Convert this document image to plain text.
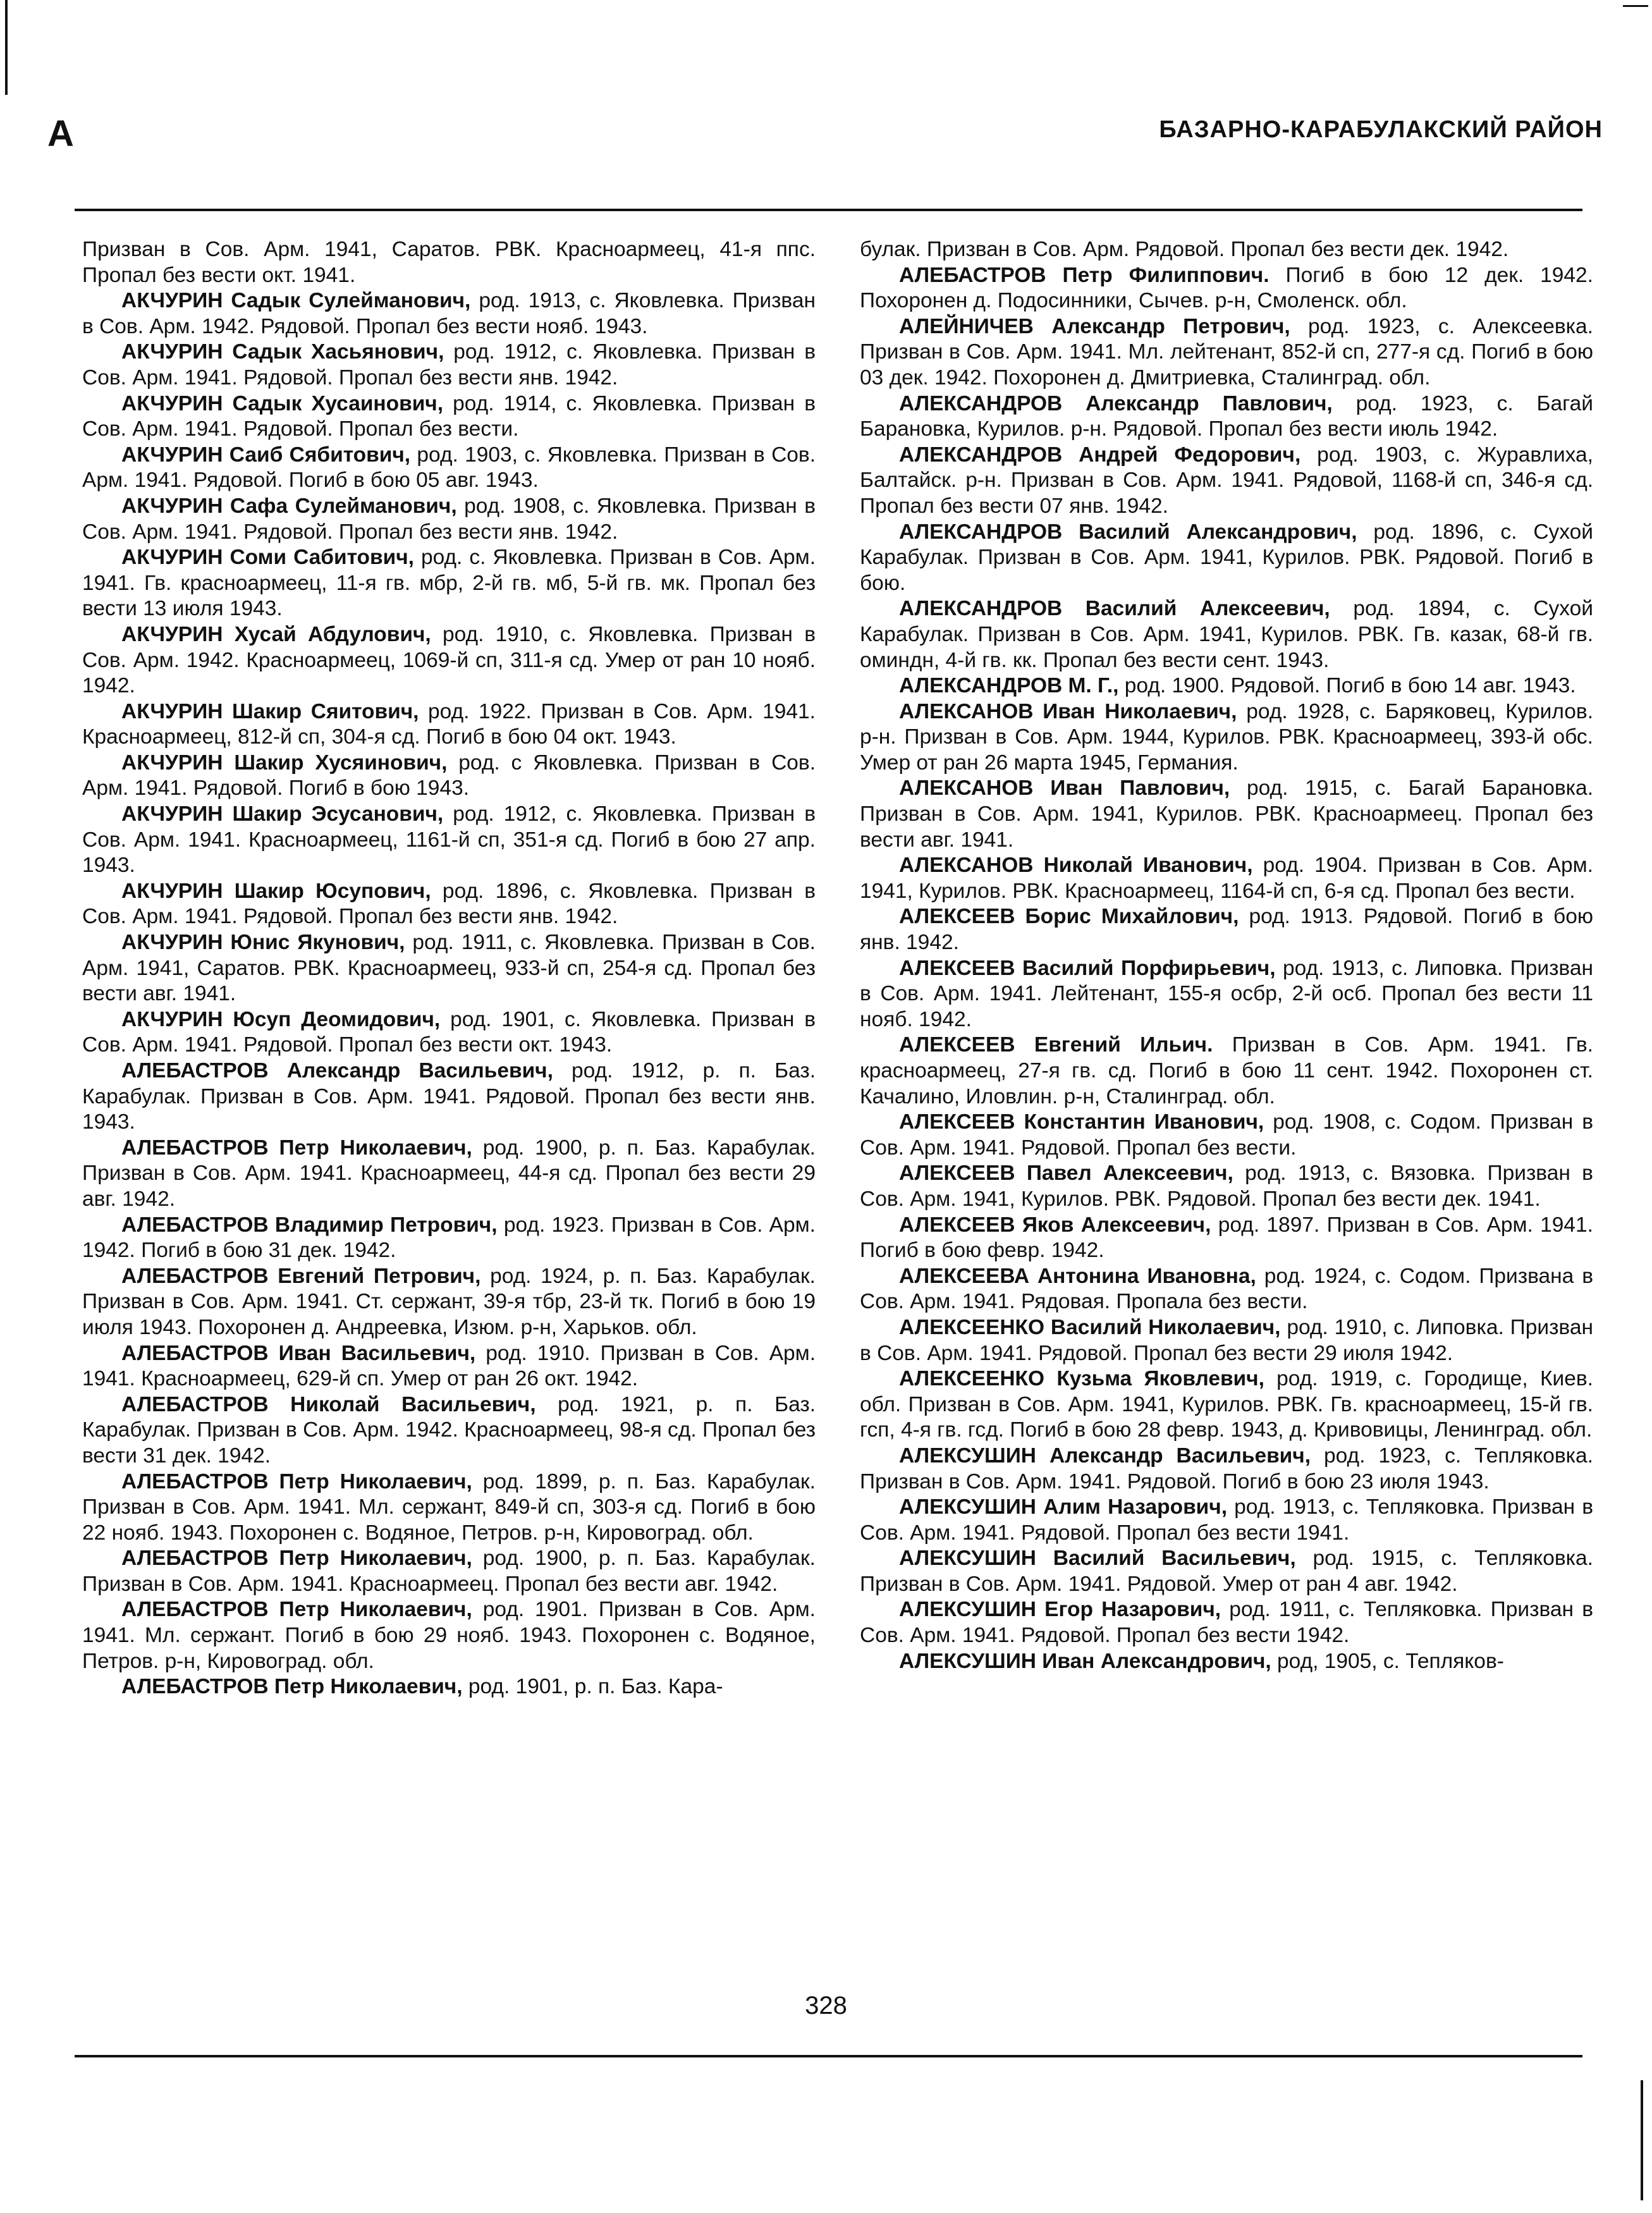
А	БАЗАРНО-КАРАБУЛАКСКИЙ РАЙОН

Призван в Сов. Арм. 1941, Саратов. РВК. Красноармеец, 41-я ппс. Пропал без вести окт. 1941.

АКЧУРИН Садык Сулейманович, род. 1913, с. Яковлевка. Призван в Сов. Арм. 1942. Рядовой. Пропал без вести нояб. 1943.

АКЧУРИН Садык Хасьянович, род. 1912, с. Яковлевка. Призван в Сов. Арм. 1941. Рядовой. Пропал без вести янв. 1942.

АКЧУРИН Садык Хусаинович, род. 1914, с. Яковлевка. Призван в Сов. Арм. 1941. Рядовой. Пропал без вести.

АКЧУРИН Саиб Сябитович, род. 1903, с. Яковлевка. Призван в Сов. Арм. 1941. Рядовой. Погиб в бою 05 авг. 1943.

АКЧУРИН Сафа Сулейманович, род. 1908, с. Яковлевка. Призван в Сов. Арм. 1941. Рядовой. Пропал без вести янв. 1942.

АКЧУРИН Соми Сабитович, род. с. Яковлевка. Призван в Сов. Арм. 1941. Гв. красноармеец, 11-я гв. мбр, 2-й гв. мб, 5-й гв. мк. Пропал без вести 13 июля 1943.

АКЧУРИН Хусай Абдулович, род. 1910, с. Яковлевка. Призван в Сов. Арм. 1942. Красноармеец, 1069-й сп, 311-я сд. Умер от ран 10 нояб. 1942.

АКЧУРИН Шакир Сяитович, род. 1922. Призван в Сов. Арм. 1941. Красноармеец, 812-й сп, 304-я сд. Погиб в бою 04 окт. 1943.

АКЧУРИН Шакир Хусяинович, род. с Яковлевка. Призван в Сов. Арм. 1941. Рядовой. Погиб в бою 1943.

АКЧУРИН Шакир Эсусанович, род. 1912, с. Яковлевка. Призван в Сов. Арм. 1941. Красноармеец, 1161-й сп, 351-я сд. Погиб в бою 27 апр. 1943.

АКЧУРИН Шакир Юсупович, род. 1896, с. Яковлевка. Призван в Сов. Арм. 1941. Рядовой. Пропал без вести янв. 1942.

АКЧУРИН Юнис Якунович, род. 1911, с. Яковлевка. Призван в Сов. Арм. 1941, Саратов. РВК. Красноармеец, 933-й сп, 254-я сд. Пропал без вести авг. 1941.

АКЧУРИН Юсуп Деомидович, род. 1901, с. Яковлевка. Призван в Сов. Арм. 1941. Рядовой. Пропал без вести окт. 1943.

АЛЕБАСТРОВ Александр Васильевич, род. 1912, р. п. Баз. Карабулак. Призван в Сов. Арм. 1941. Рядовой. Пропал без вести янв. 1943.

АЛЕБАСТРОВ Петр Николаевич, род. 1900, р. п. Баз. Карабулак. Призван в Сов. Арм. 1941. Красноармеец, 44-я сд. Пропал без вести 29 авг. 1942.

АЛЕБАСТРОВ Владимир Петрович, род. 1923. Призван в Сов. Арм. 1942. Погиб в бою 31 дек. 1942.

АЛЕБАСТРОВ Евгений Петрович, род. 1924, р. п. Баз. Карабулак. Призван в Сов. Арм. 1941. Ст. сержант, 39-я тбр, 23-й тк. Погиб в бою 19 июля 1943. Похоронен д. Андреевка, Изюм. р-н, Харьков. обл.

АЛЕБАСТРОВ Иван Васильевич, род. 1910. Призван в Сов. Арм. 1941. Красноармеец, 629-й сп. Умер от ран 26 окт. 1942.

АЛЕБАСТРОВ Николай Васильевич, род. 1921, р. п. Баз. Карабулак. Призван в Сов. Арм. 1942. Красноармеец, 98-я сд. Пропал без вести 31 дек. 1942.

АЛЕБАСТРОВ Петр Николаевич, род. 1899, р. п. Баз. Карабулак. Призван в Сов. Арм. 1941. Мл. сержант, 849-й сп, 303-я сд. Погиб в бою 22 нояб. 1943. Похоронен с. Водяное, Петров. р-н, Кировоград. обл.

АЛЕБАСТРОВ Петр Николаевич, род. 1900, р. п. Баз. Карабулак. Призван в Сов. Арм. 1941. Красноармеец. Пропал без вести авг. 1942.

АЛЕБАСТРОВ Петр Николаевич, род. 1901. Призван в Сов. Арм. 1941. Мл. сержант. Погиб в бою 29 нояб. 1943. Похоронен с. Водяное, Петров. р-н, Кировоград. обл.

АЛЕБАСТРОВ Петр Николаевич, род. 1901, р. п. Баз. Кара-

булак. Призван в Сов. Арм. Рядовой. Пропал без вести дек. 1942.

АЛЕБАСТРОВ Петр Филиппович. Погиб в бою 12 дек. 1942. Похоронен д. Подосинники, Сычев. р-н, Смоленск. обл.

АЛЕЙНИЧЕВ Александр Петрович, род. 1923, с. Алексеевка. Призван в Сов. Арм. 1941. Мл. лейтенант, 852-й сп, 277-я сд. Погиб в бою 03 дек. 1942. Похоронен д. Дмитриевка, Сталинград. обл.

АЛЕКСАНДРОВ Александр Павлович, род. 1923, с. Багай Барановка, Курилов. р-н. Рядовой. Пропал без вести июль 1942.

АЛЕКСАНДРОВ Андрей Федорович, род. 1903, с. Журавлиха, Балтайск. р-н. Призван в Сов. Арм. 1941. Рядовой, 1168-й сп, 346-я сд. Пропал без вести 07 янв. 1942.

АЛЕКСАНДРОВ Василий Александрович, род. 1896, с. Сухой Карабулак. Призван в Сов. Арм. 1941, Курилов. РВК. Рядовой. Погиб в бою.

АЛЕКСАНДРОВ Василий Алексеевич, род. 1894, с. Сухой Карабулак. Призван в Сов. Арм. 1941, Курилов. РВК. Гв. казак, 68-й гв. оминдн, 4-й гв. кк. Пропал без вести сент. 1943.

АЛЕКСАНДРОВ М. Г., род. 1900. Рядовой. Погиб в бою 14 авг. 1943.

АЛЕКСАНОВ Иван Николаевич, род. 1928, с. Баряковец, Курилов. р-н. Призван в Сов. Арм. 1944, Курилов. РВК. Красноармеец, 393-й обс. Умер от ран 26 марта 1945, Германия.

АЛЕКСАНОВ Иван Павлович, род. 1915, с. Багай Барановка. Призван в Сов. Арм. 1941, Курилов. РВК. Красноармеец. Пропал без вести авг. 1941.

АЛЕКСАНОВ Николай Иванович, род. 1904. Призван в Сов. Арм. 1941, Курилов. РВК. Красноармеец, 1164-й сп, 6-я сд. Пропал без вести.

АЛЕКСЕЕВ Борис Михайлович, род. 1913. Рядовой. Погиб в бою янв. 1942.

АЛЕКСЕЕВ Василий Порфирьевич, род. 1913, с. Липовка. Призван в Сов. Арм. 1941. Лейтенант, 155-я осбр, 2-й осб. Пропал без вести 11 нояб. 1942.

АЛЕКСЕЕВ Евгений Ильич. Призван в Сов. Арм. 1941. Гв. красноармеец, 27-я гв. сд. Погиб в бою 11 сент. 1942. Похоронен ст. Качалино, Иловлин. р-н, Сталинград. обл.

АЛЕКСЕЕВ Константин Иванович, род. 1908, с. Содом. Призван в Сов. Арм. 1941. Рядовой. Пропал без вести.

АЛЕКСЕЕВ Павел Алексеевич, род. 1913, с. Вязовка. Призван в Сов. Арм. 1941, Курилов. РВК. Рядовой. Пропал без вести дек. 1941.

АЛЕКСЕЕВ Яков Алексеевич, род. 1897. Призван в Сов. Арм. 1941. Погиб в бою февр. 1942.

АЛЕКСЕЕВА Антонина Ивановна, род. 1924, с. Содом. Призвана в Сов. Арм. 1941. Рядовая. Пропала без вести.

АЛЕКСЕЕНКО Василий Николаевич, род. 1910, с. Липовка. Призван в Сов. Арм. 1941. Рядовой. Пропал без вести 29 июля 1942.

АЛЕКСЕЕНКО Кузьма Яковлевич, род. 1919, с. Городище, Киев. обл. Призван в Сов. Арм. 1941, Курилов. РВК. Гв. красноармеец, 15-й гв. гсп, 4-я гв. гсд. Погиб в бою 28 февр. 1943, д. Кривовицы, Ленинград. обл.

АЛЕКСУШИН Александр Васильевич, род. 1923, с. Тепляковка. Призван в Сов. Арм. 1941. Рядовой. Погиб в бою 23 июля 1943.

АЛЕКСУШИН Алим Назарович, род. 1913, с. Тепляковка. Призван в Сов. Арм. 1941. Рядовой. Пропал без вести 1941.

АЛЕКСУШИН Василий Васильевич, род. 1915, с. Тепляковка. Призван в Сов. Арм. 1941. Рядовой. Умер от ран 4 авг. 1942.

АЛЕКСУШИН Егор Назарович, род. 1911, с. Тепляковка. Призван в Сов. Арм. 1941. Рядовой. Пропал без вести 1942.

АЛЕКСУШИН Иван Александрович, род, 1905, с. Тепляков-

328
